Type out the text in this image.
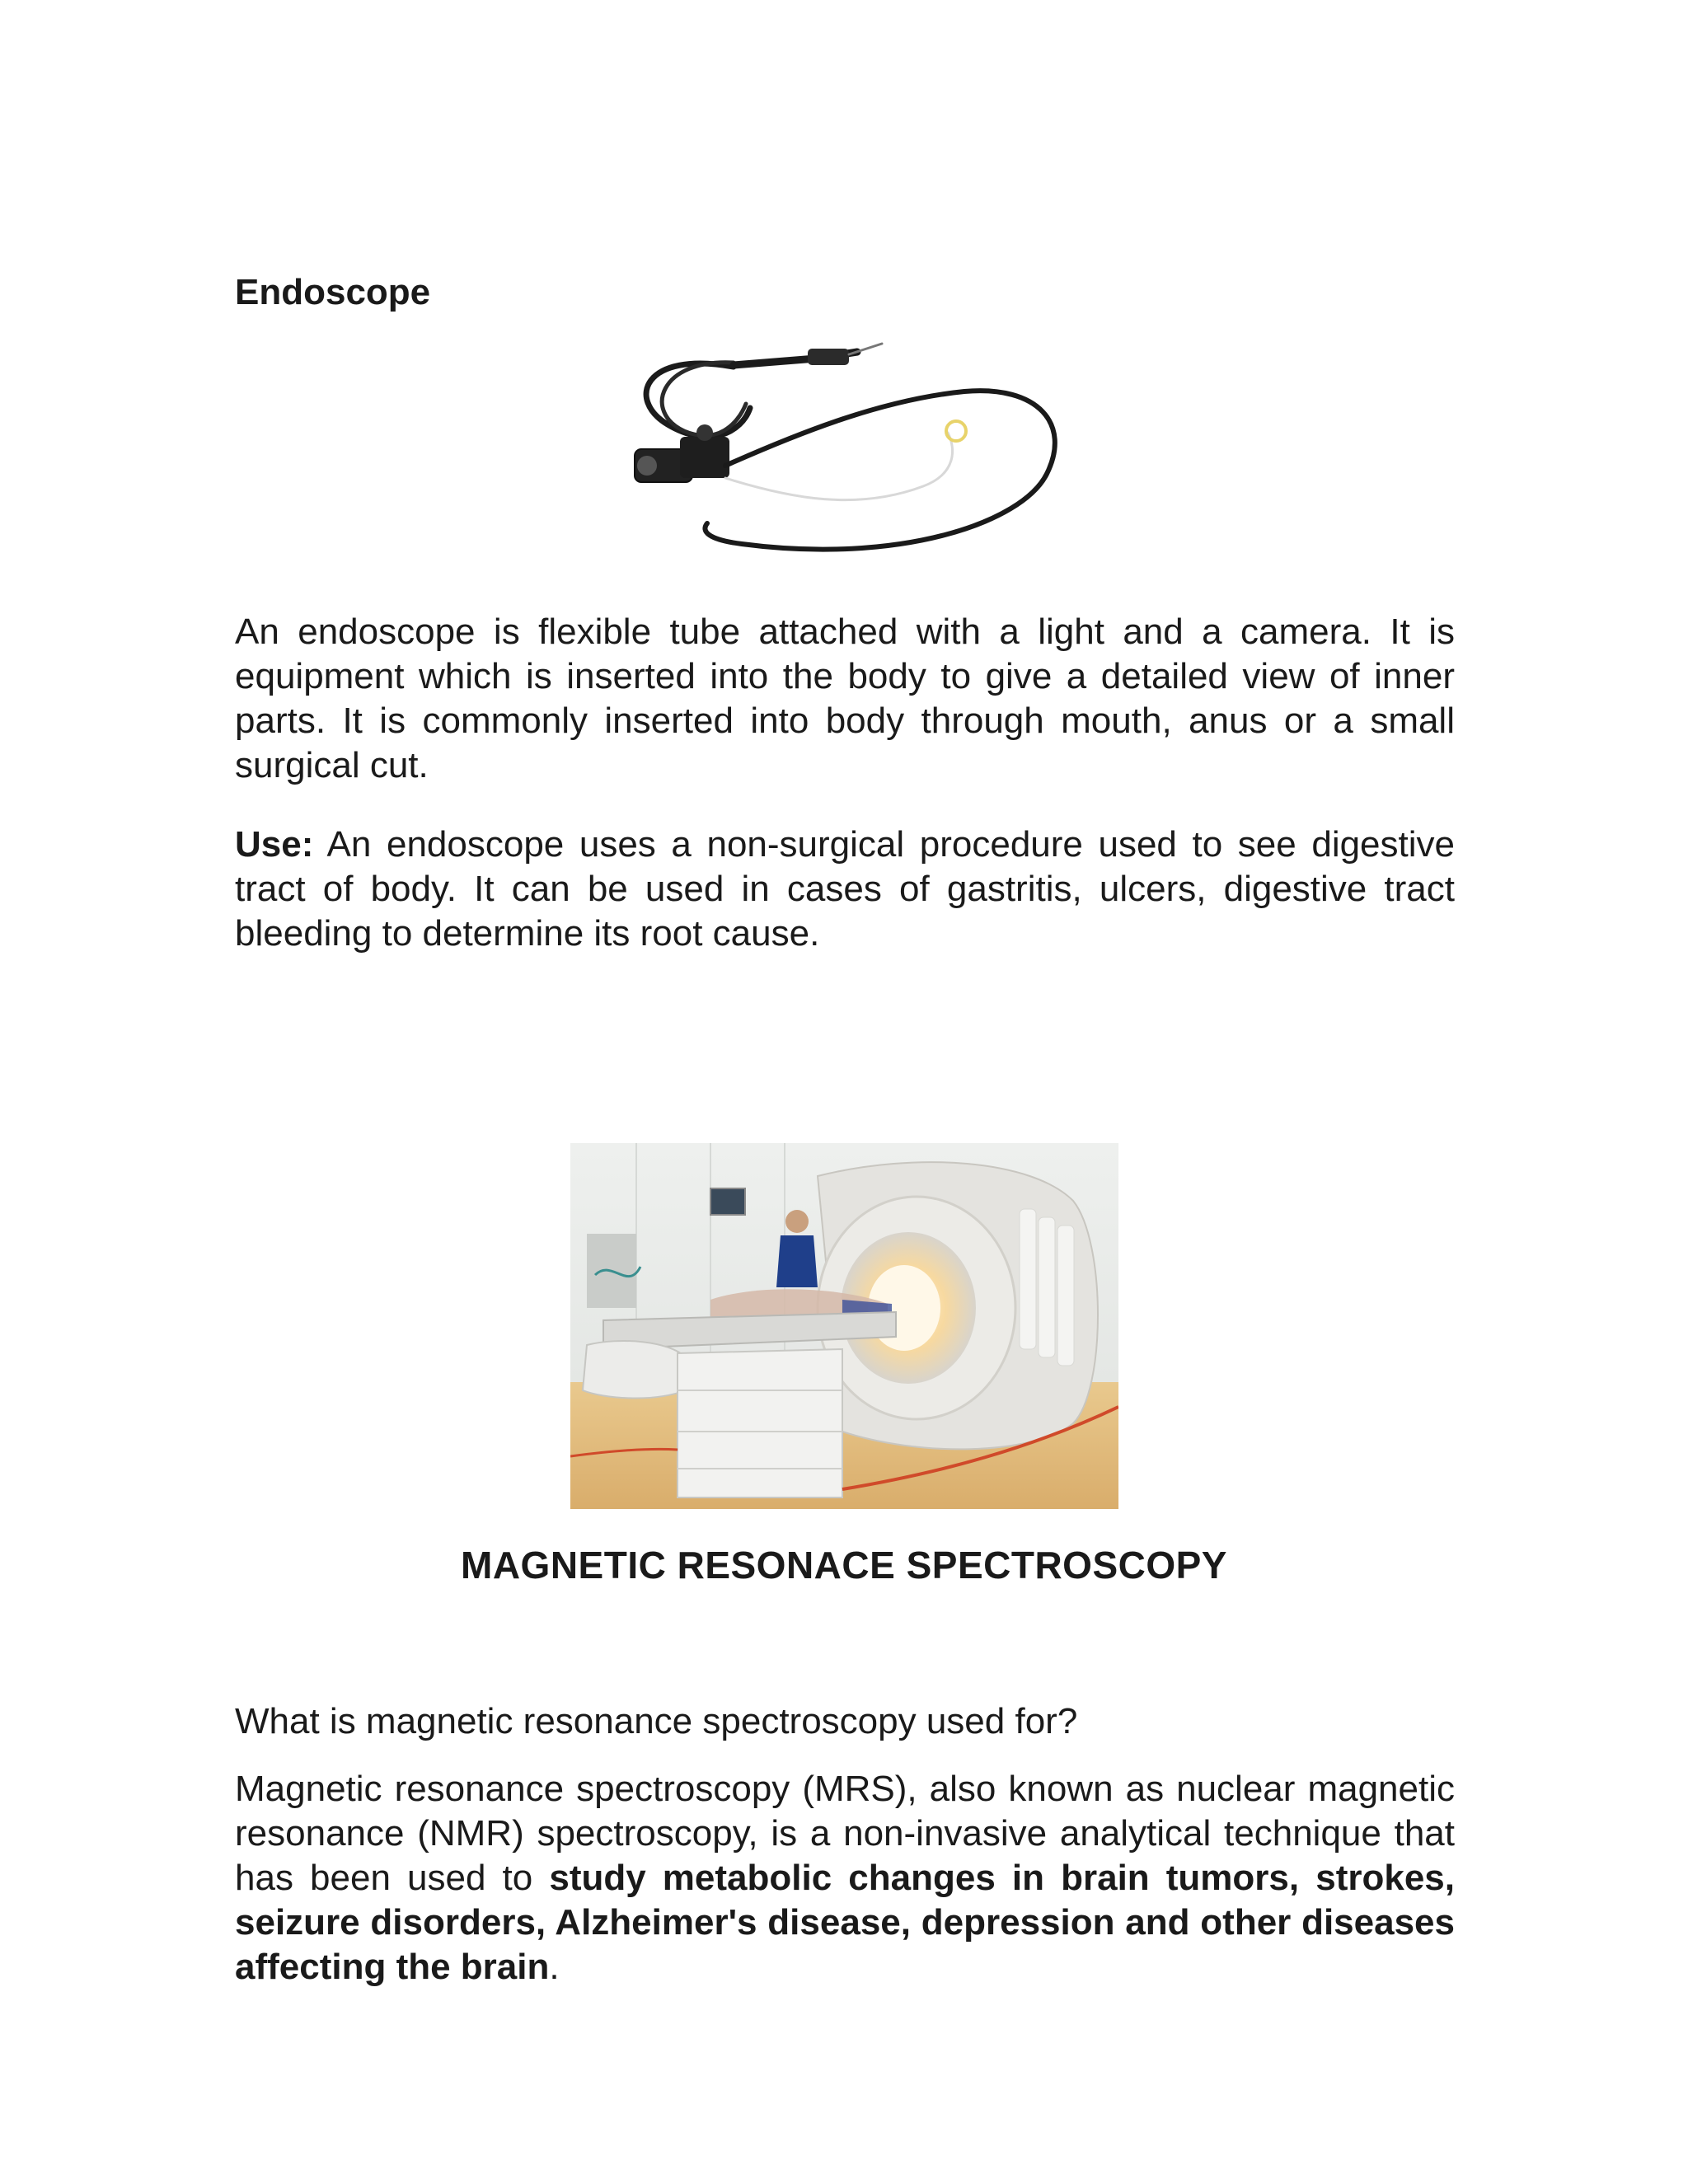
Endoscope

An endoscope is flexible tube attached with a light and a camera. It is equipment which is inserted into the body to give a detailed view of inner parts. It is commonly inserted into body through mouth, anus or a small surgical cut.

Use: An endoscope uses a non-surgical procedure used to see digestive tract of body. It can be used in cases of gastritis, ulcers, digestive tract bleeding to determine its root cause.

MAGNETIC RESONACE SPECTROSCOPY

What is magnetic resonance spectroscopy used for?

Magnetic resonance spectroscopy (MRS), also known as nuclear magnetic resonance (NMR) spectroscopy, is a non-invasive analytical technique that has been used to study metabolic changes in brain tumors, strokes, seizure disorders, Alzheimer's disease, depression and other diseases affecting the brain.
